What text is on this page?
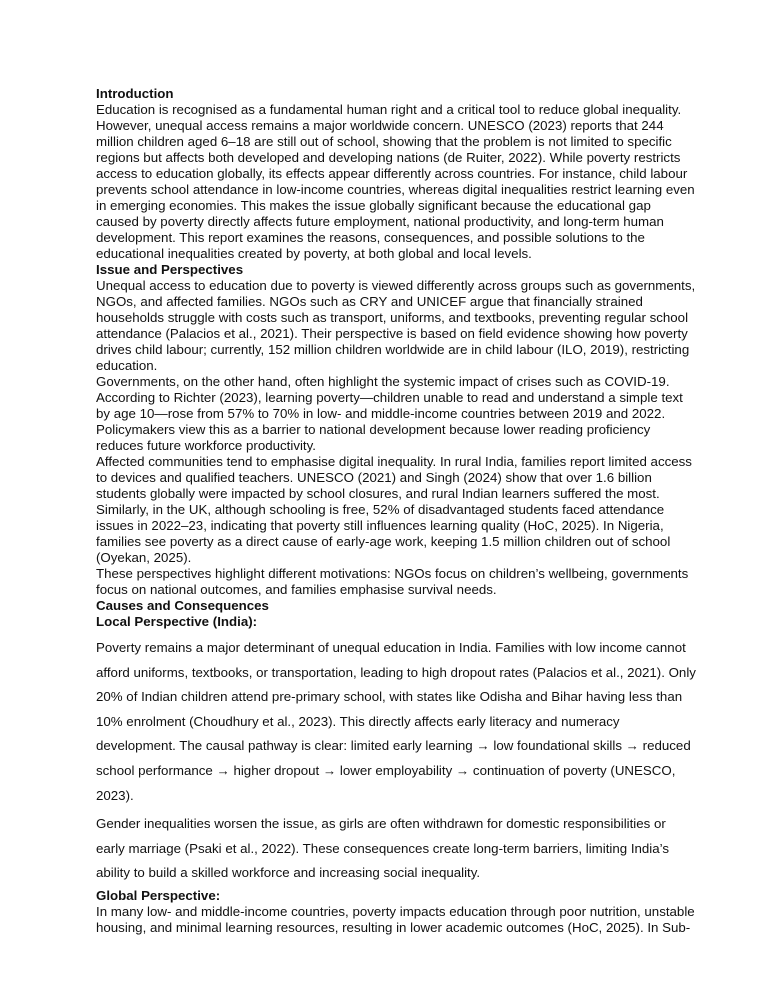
Introduction
Education is recognised as a fundamental human right and a critical tool to reduce global inequality.
However, unequal access remains a major worldwide concern. UNESCO (2023) reports that 244
million children aged 6–18 are still out of school, showing that the problem is not limited to specific
regions but affects both developed and developing nations (de Ruiter, 2022). While poverty restricts
access to education globally, its effects appear differently across countries. For instance, child labour
prevents school attendance in low-income countries, whereas digital inequalities restrict learning even
in emerging economies. This makes the issue globally significant because the educational gap
caused by poverty directly affects future employment, national productivity, and long-term human
development. This report examines the reasons, consequences, and possible solutions to the
educational inequalities created by poverty, at both global and local levels.
Issue and Perspectives
Unequal access to education due to poverty is viewed differently across groups such as governments,
NGOs, and affected families. NGOs such as CRY and UNICEF argue that financially strained
households struggle with costs such as transport, uniforms, and textbooks, preventing regular school
attendance (Palacios et al., 2021). Their perspective is based on field evidence showing how poverty
drives child labour; currently, 152 million children worldwide are in child labour (ILO, 2019), restricting
education.
Governments, on the other hand, often highlight the systemic impact of crises such as COVID-19.
According to Richter (2023), learning poverty—children unable to read and understand a simple text
by age 10—rose from 57% to 70% in low- and middle-income countries between 2019 and 2022.
Policymakers view this as a barrier to national development because lower reading proficiency
reduces future workforce productivity.
Affected communities tend to emphasise digital inequality. In rural India, families report limited access
to devices and qualified teachers. UNESCO (2021) and Singh (2024) show that over 1.6 billion
students globally were impacted by school closures, and rural Indian learners suffered the most.
Similarly, in the UK, although schooling is free, 52% of disadvantaged students faced attendance
issues in 2022–23, indicating that poverty still influences learning quality (HoC, 2025). In Nigeria,
families see poverty as a direct cause of early-age work, keeping 1.5 million children out of school
(Oyekan, 2025).
These perspectives highlight different motivations: NGOs focus on children’s wellbeing, governments
focus on national outcomes, and families emphasise survival needs.
Causes and Consequences
Local Perspective (India):
Poverty remains a major determinant of unequal education in India. Families with low income cannot
afford uniforms, textbooks, or transportation, leading to high dropout rates (Palacios et al., 2021). Only
20% of Indian children attend pre-primary school, with states like Odisha and Bihar having less than
10% enrolment (Choudhury et al., 2023). This directly affects early literacy and numeracy
development. The causal pathway is clear: limited early learning → low foundational skills → reduced
school performance → higher dropout → lower employability → continuation of poverty (UNESCO,
2023).
Gender inequalities worsen the issue, as girls are often withdrawn for domestic responsibilities or
early marriage (Psaki et al., 2022). These consequences create long-term barriers, limiting India’s
ability to build a skilled workforce and increasing social inequality.
Global Perspective:
In many low- and middle-income countries, poverty impacts education through poor nutrition, unstable
housing, and minimal learning resources, resulting in lower academic outcomes (HoC, 2025). In Sub-
